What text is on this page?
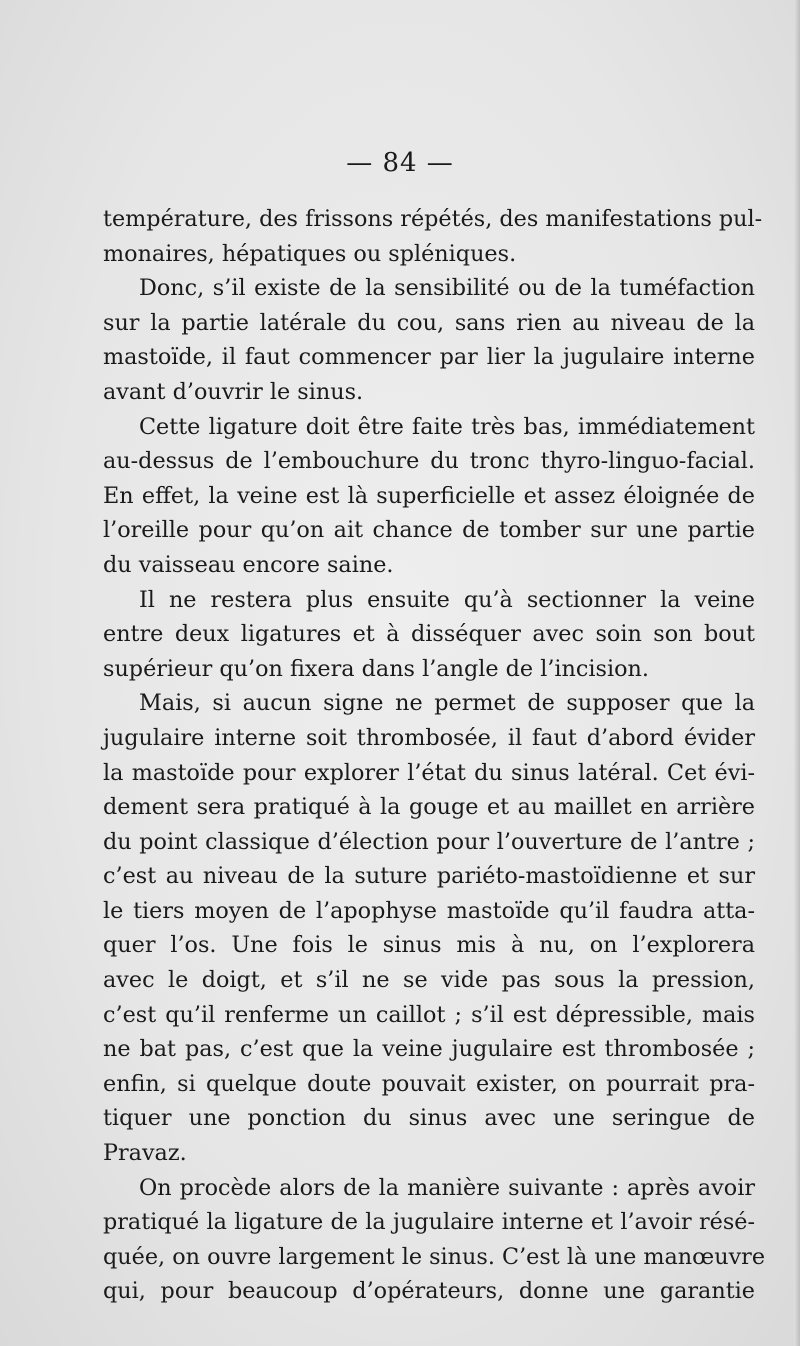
— 84 —
température, des frissons répétés, des manifestations pul-
monaires, hépatiques ou spléniques.
Donc, s’il existe de la sensibilité ou de la tuméfaction
sur la partie latérale du cou, sans rien au niveau de la
mastoïde, il faut commencer par lier la jugulaire interne
avant d’ouvrir le sinus.
Cette ligature doit être faite très bas, immédiatement
au-dessus de l’embouchure du tronc thyro-linguo-facial.
En effet, la veine est là superficielle et assez éloignée de
l’oreille pour qu’on ait chance de tomber sur une partie
du vaisseau encore saine.
Il ne restera plus ensuite qu’à sectionner la veine
entre deux ligatures et à disséquer avec soin son bout
supérieur qu’on fixera dans l’angle de l’incision.
Mais, si aucun signe ne permet de supposer que la
jugulaire interne soit thrombosée, il faut d’abord évider
la mastoïde pour explorer l’état du sinus latéral. Cet évi-
dement sera pratiqué à la gouge et au maillet en arrière
du point classique d’élection pour l’ouverture de l’antre ;
c’est au niveau de la suture pariéto-mastoïdienne et sur
le tiers moyen de l’apophyse mastoïde qu’il faudra atta-
quer l’os. Une fois le sinus mis à nu, on l’explorera
avec le doigt, et s’il ne se vide pas sous la pression,
c’est qu’il renferme un caillot ; s’il est dépressible, mais
ne bat pas, c’est que la veine jugulaire est thrombosée ;
enfin, si quelque doute pouvait exister, on pourrait pra-
tiquer une ponction du sinus avec une seringue de
Pravaz.
On procède alors de la manière suivante : après avoir
pratiqué la ligature de la jugulaire interne et l’avoir résé-
quée, on ouvre largement le sinus. C’est là une manœuvre
qui, pour beaucoup d’opérateurs, donne une garantie
